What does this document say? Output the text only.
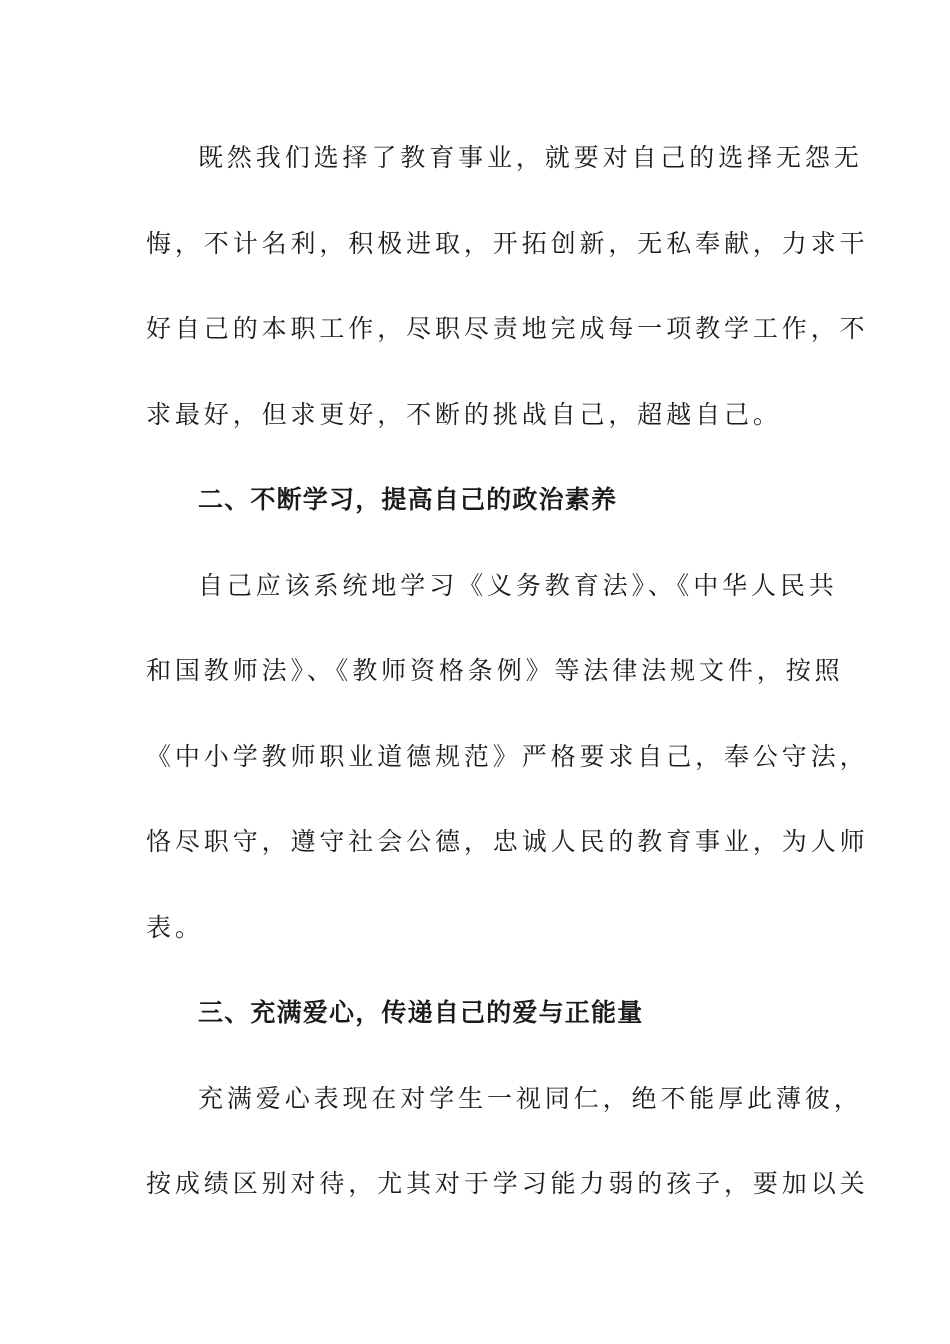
既然我们选择了教育事业，就要对自己的选择无怨无
悔，不计名利，积极进取，开拓创新，无私奉献，力求干
好自己的本职工作，尽职尽责地完成每一项教学工作，不
求最好，但求更好，不断的挑战自己，超越自己。
二、不断学习，提高自己的政治素养
自己应该系统地学习《义务教育法》、《中华人民共
和国教师法》、《教师资格条例》等法律法规文件，按照
《中小学教师职业道德规范》严格要求自己，奉公守法，
恪尽职守，遵守社会公德，忠诚人民的教育事业，为人师
表。
三、充满爱心，传递自己的爱与正能量
充满爱心表现在对学生一视同仁，绝不能厚此薄彼，
按成绩区别对待，尤其对于学习能力弱的孩子，要加以关
